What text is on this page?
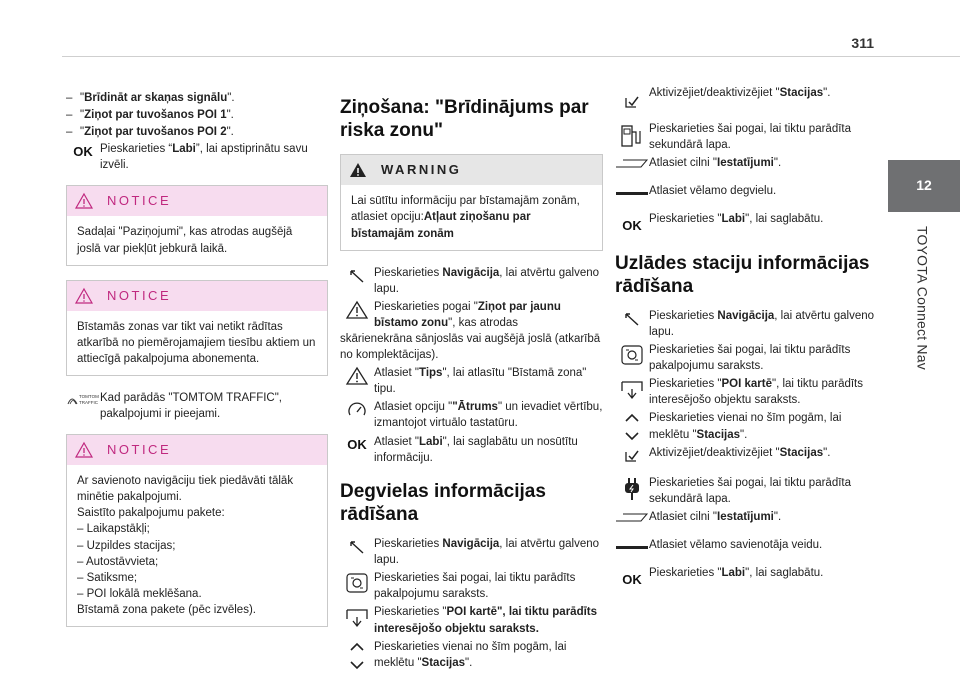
311
12
TOYOTA Connect Nav
– "Brīdināt ar skaņas signālu".
– "Ziņot par tuvošanos POI 1".
– "Ziņot par tuvošanos POI 2".
OK Pieskarieties “Labi”, lai apstiprinātu savu izvēli.
NOTICE
Sadaļai "Paziņojumi", kas atrodas augšējā joslā var piekļūt jebkurā laikā.
NOTICE
Bīstamās zonas var tikt vai netikt rādītas atkarībā no piemērojamajiem tiesību aktiem un attiecīgā pakalpojuma abonementa.
TOMTOM
TRAFFIC Kad parādās "TOMTOM TRAFFIC", pakalpojumi ir pieejami.
NOTICE
Ar savienoto navigāciju tiek piedāvāti tālāk minētie pakalpojumi.
Saistīto pakalpojumu pakete:
– Laikapstākļi;
– Uzpildes stacijas;
– Autostāvvieta;
– Satiksme;
– POI lokālā meklēšana.
Bīstamā zona pakete (pēc izvēles).
Ziņošana: "Brīdinājums par riska zonu"
WARNING
Lai sūtītu informāciju par bīstamajām zonām, atlasiet opciju:Atļaut ziņošanu par bīstamajām zonām
Pieskarieties Navigācija, lai atvērtu galveno lapu.
Pieskarieties pogai "Ziņot par jaunu bīstamo zonu", kas atrodas
skārienekrāna sānjoslās vai augšējā joslā (atkarībā no komplektācijas).
Atlasiet "Tips", lai atlasītu "Bīstamā zona" tipu.
Atlasiet opciju ""Ātrums" un ievadiet vērtību, izmantojot virtuālo tastatūru.
OK Atlasiet "Labi", lai saglabātu un nosūtītu informāciju.
Degvielas informācijas rādīšana
Pieskarieties Navigācija, lai atvērtu galveno lapu.
Pieskarieties šai pogai, lai tiktu parādīts pakalpojumu saraksts.
Pieskarieties "POI kartē", lai tiktu parādīts interesējošo objektu saraksts.
Pieskarieties vienai no šīm pogām, lai meklētu "Stacijas".
Aktivizējiet/deaktivizējiet "Stacijas".
Pieskarieties šai pogai, lai tiktu parādīta sekundārā lapa.
Atlasiet cilni "Iestatījumi".
Atlasiet vēlamo degvielu.
OK Pieskarieties "Labi", lai saglabātu.
Uzlādes staciju informācijas rādīšana
Pieskarieties Navigācija, lai atvērtu galveno lapu.
Pieskarieties šai pogai, lai tiktu parādīts pakalpojumu saraksts.
Pieskarieties "POI kartē", lai tiktu parādīts interesējošo objektu saraksts.
Pieskarieties vienai no šīm pogām, lai meklētu "Stacijas".
Aktivizējiet/deaktivizējiet "Stacijas".
Pieskarieties šai pogai, lai tiktu parādīta sekundārā lapa.
Atlasiet cilni "Iestatījumi".
Atlasiet vēlamo savienotāja veidu.
OK Pieskarieties "Labi", lai saglabātu.
